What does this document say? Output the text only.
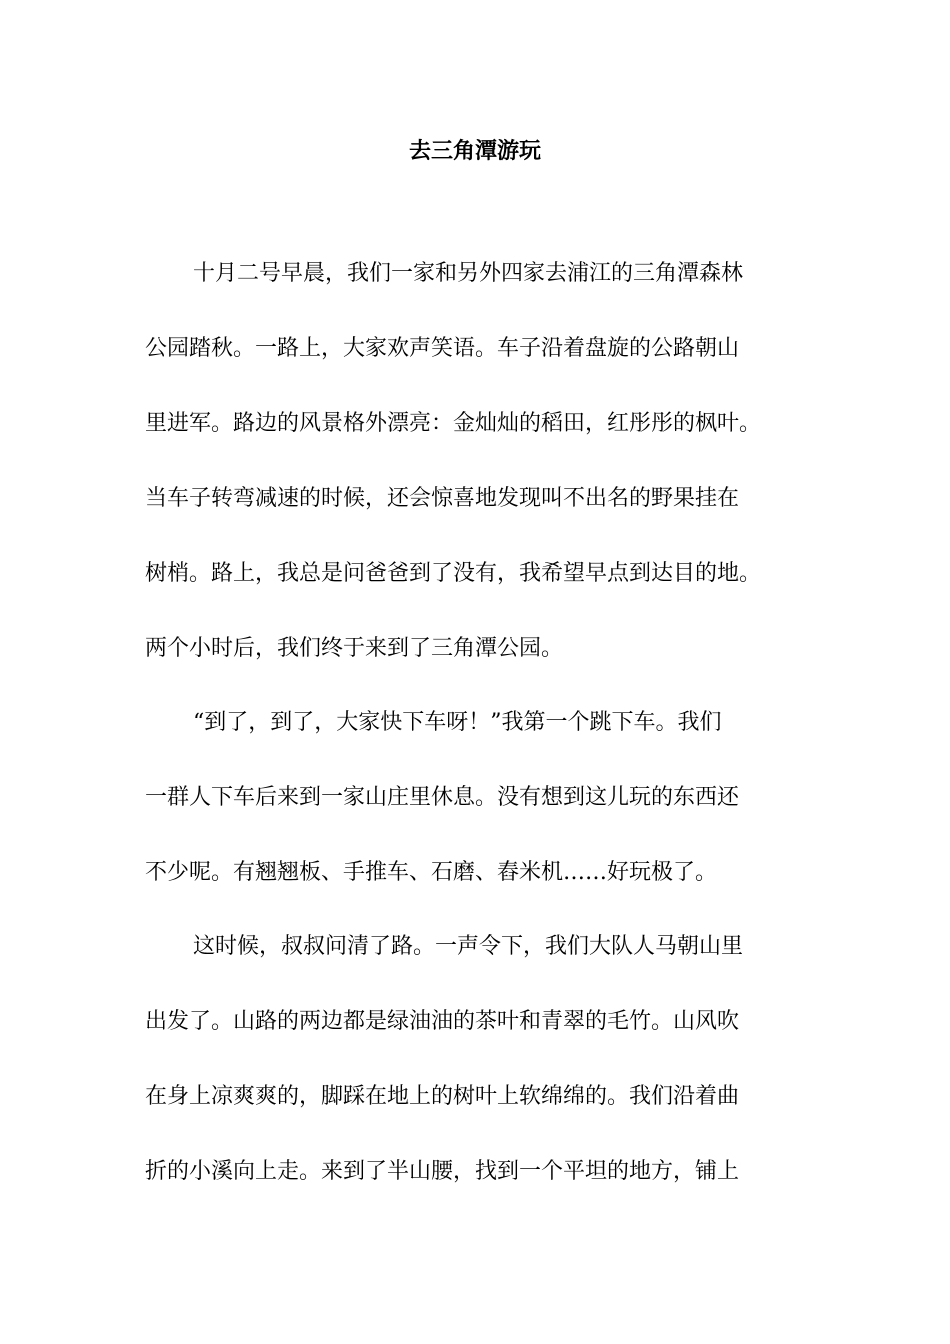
去三角潭游玩

十月二号早晨，我们一家和另外四家去浦江的三角潭森林

公园踏秋。一路上，大家欢声笑语。车子沿着盘旋的公路朝山

里进军。路边的风景格外漂亮：金灿灿的稻田，红彤彤的枫叶。

当车子转弯减速的时候，还会惊喜地发现叫不出名的野果挂在

树梢。路上，我总是问爸爸到了没有，我希望早点到达目的地。

两个小时后，我们终于来到了三角潭公园。

“到了，到了，大家快下车呀！”我第一个跳下车。我们

一群人下车后来到一家山庄里休息。没有想到这儿玩的东西还

不少呢。有翘翘板、手推车、石磨、舂米机……好玩极了。

这时候，叔叔问清了路。一声令下，我们大队人马朝山里

出发了。山路的两边都是绿油油的茶叶和青翠的毛竹。山风吹

在身上凉爽爽的，脚踩在地上的树叶上软绵绵的。我们沿着曲

折的小溪向上走。来到了半山腰，找到一个平坦的地方，铺上
